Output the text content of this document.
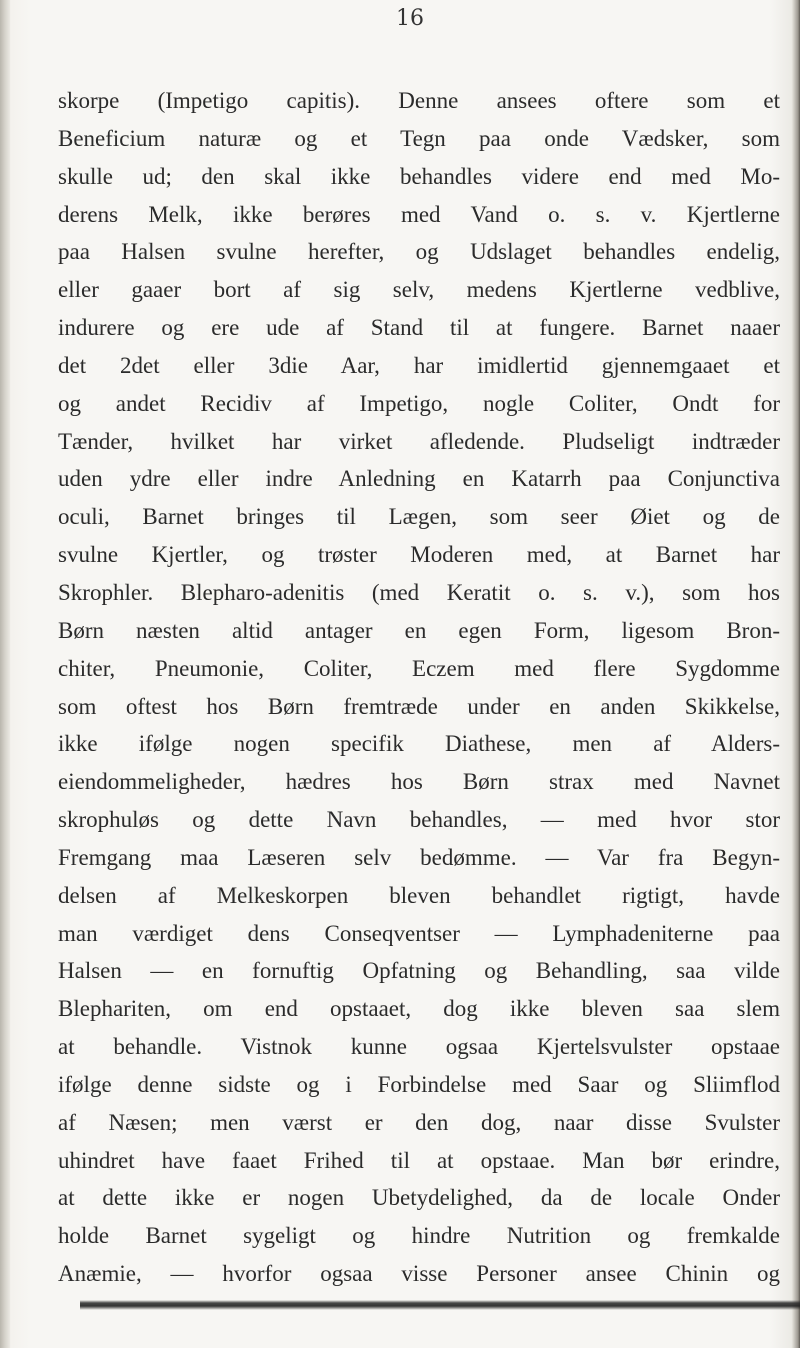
16
skorpe (Impetigo capitis). Denne ansees oftere som et
Beneficium naturæ og et Tegn paa onde Vædsker, som
skulle ud; den skal ikke behandles videre end med Mo-
derens Melk, ikke berøres med Vand o. s. v. Kjertlerne
paa Halsen svulne herefter, og Udslaget behandles endelig,
eller gaaer bort af sig selv, medens Kjertlerne vedblive,
indurere og ere ude af Stand til at fungere. Barnet naaer
det 2det eller 3die Aar, har imidlertid gjennemgaaet et
og andet Recidiv af Impetigo, nogle Coliter, Ondt for
Tænder, hvilket har virket afledende. Pludseligt indtræder
uden ydre eller indre Anledning en Katarrh paa Conjunctiva
oculi, Barnet bringes til Lægen, som seer Øiet og de
svulne Kjertler, og trøster Moderen med, at Barnet har
Skrophler. Blepharo-adenitis (med Keratit o. s. v.), som hos
Børn næsten altid antager en egen Form, ligesom Bron-
chiter, Pneumonie, Coliter, Eczem med flere Sygdomme
som oftest hos Børn fremtræde under en anden Skikkelse,
ikke ifølge nogen specifik Diathese, men af Alders-
eiendommeligheder, hædres hos Børn strax med Navnet
skrophuløs og dette Navn behandles, — med hvor stor
Fremgang maa Læseren selv bedømme. — Var fra Begyn-
delsen af Melkeskorpen bleven behandlet rigtigt, havde
man værdiget dens Conseqventser — Lymphadeniterne paa
Halsen — en fornuftig Opfatning og Behandling, saa vilde
Blephariten, om end opstaaet, dog ikke bleven saa slem
at behandle. Vistnok kunne ogsaa Kjertelsvulster opstaae
ifølge denne sidste og i Forbindelse med Saar og Sliimflod
af Næsen; men værst er den dog, naar disse Svulster
uhindret have faaet Frihed til at opstaae. Man bør erindre,
at dette ikke er nogen Ubetydelighed, da de locale Onder
holde Barnet sygeligt og hindre Nutrition og fremkalde
Anæmie, — hvorfor ogsaa visse Personer ansee Chinin og
